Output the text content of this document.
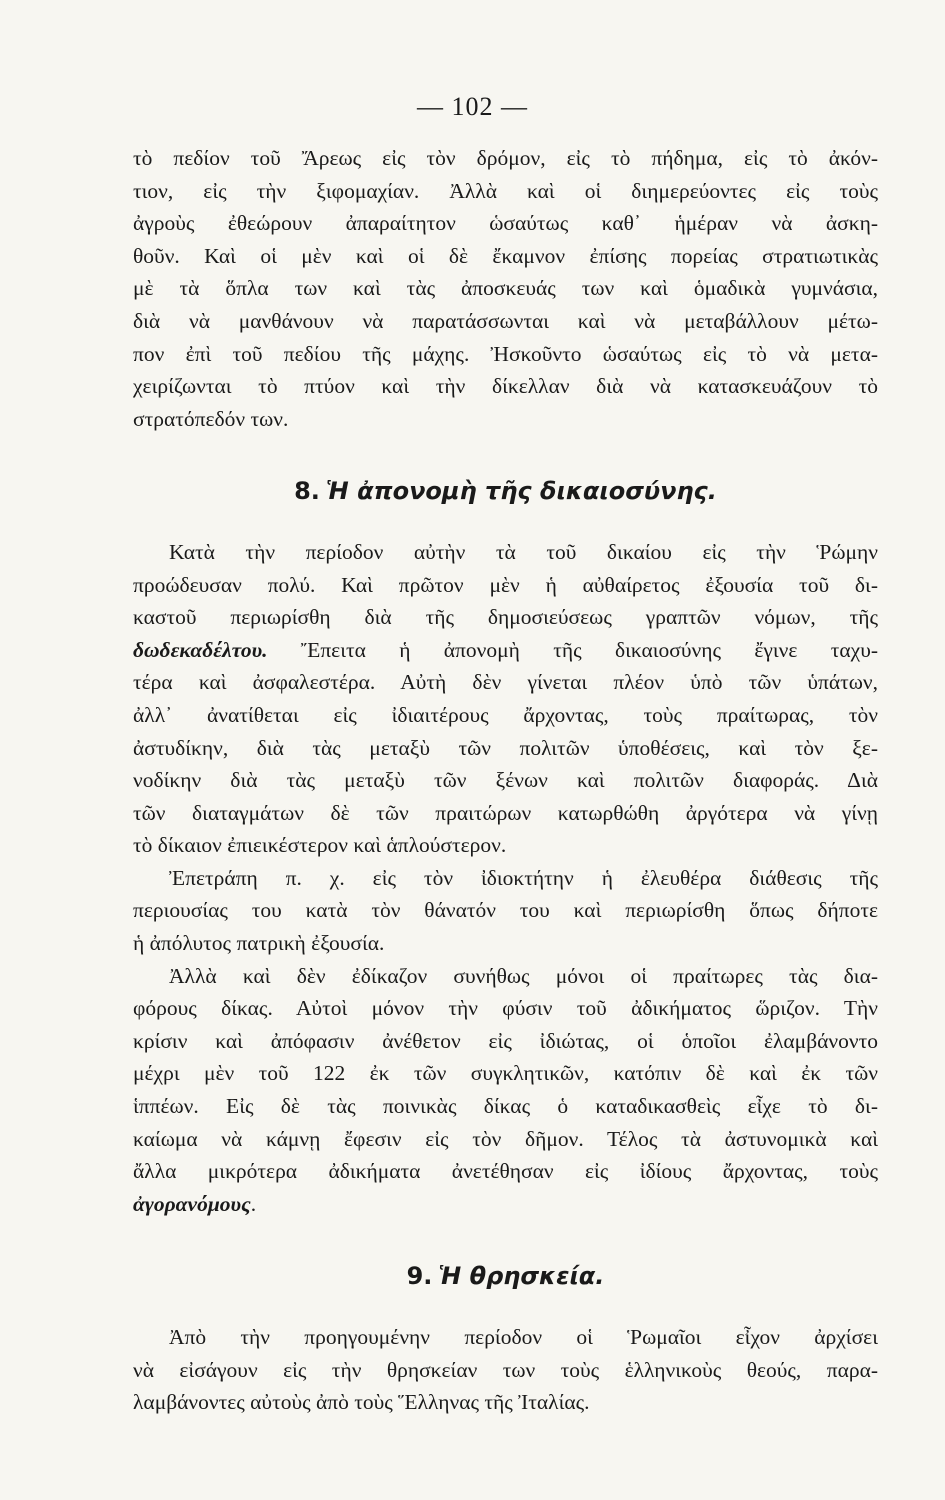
— 102 —
τὸ πεδίον τοῦ Ἄρεως εἰς τὸν δρόμον, εἰς τὸ πήδημα, εἰς τὸ ἀκόν-
τιον, εἰς τὴν ξιφομαχίαν. Ἀλλὰ καὶ οἱ διημερεύοντες εἰς τοὺς
ἀγροὺς ἐθεώρουν ἀπαραίτητον ὡσαύτως καθ᾽ ἡμέραν νὰ ἀσκη-
θοῦν. Καὶ οἱ μὲν καὶ οἱ δὲ ἔκαμνον ἐπίσης πορείας στρατιωτικὰς
μὲ τὰ ὅπλα των καὶ τὰς ἀποσκευάς των καὶ ὁμαδικὰ γυμνάσια,
διὰ νὰ μανθάνουν νὰ παρατάσσωνται καὶ νὰ μεταβάλλουν μέτω-
πον ἐπὶ τοῦ πεδίου τῆς μάχης. Ἠσκοῦντο ὡσαύτως εἰς τὸ νὰ μετα-
χειρίζωνται τὸ πτύον καὶ τὴν δίκελλαν διὰ νὰ κατασκευάζουν τὸ
στρατόπεδόν των.
8. Ἡ ἀπονομὴ τῆς δικαιοσύνης.
Κατὰ τὴν περίοδον αὐτὴν τὰ τοῦ δικαίου εἰς τὴν Ῥώμην
προώδευσαν πολύ. Καὶ πρῶτον μὲν ἡ αὐθαίρετος ἐξουσία τοῦ δι-
καστοῦ περιωρίσθη διὰ τῆς δημοσιεύσεως γραπτῶν νόμων, τῆς
δωδεκαδέλτου. Ἔπειτα ἡ ἀπονομὴ τῆς δικαιοσύνης ἔγινε ταχυ-
τέρα καὶ ἀσφαλεστέρα. Αὐτὴ δὲν γίνεται πλέον ὑπὸ τῶν ὑπάτων,
ἀλλ᾽ ἀνατίθεται εἰς ἰδιαιτέρους ἄρχοντας, τοὺς πραίτωρας, τὸν
ἀστυδίκην, διὰ τὰς μεταξὺ τῶν πολιτῶν ὑποθέσεις, καὶ τὸν ξε-
νοδίκην διὰ τὰς μεταξὺ τῶν ξένων καὶ πολιτῶν διαφοράς. Διὰ
τῶν διαταγμάτων δὲ τῶν πραιτώρων κατωρθώθη ἀργότερα νὰ γίνῃ
τὸ δίκαιον ἐπιεικέστερον καὶ ἁπλούστερον.
Ἐπετράπη π. χ. εἰς τὸν ἰδιοκτήτην ἡ ἐλευθέρα διάθεσις τῆς
περιουσίας του κατὰ τὸν θάνατόν του καὶ περιωρίσθη ὅπως δήποτε
ἡ ἀπόλυτος πατρικὴ ἐξουσία.
Ἀλλὰ καὶ δὲν ἐδίκαζον συνήθως μόνοι οἱ πραίτωρες τὰς δια-
φόρους δίκας. Αὐτοὶ μόνον τὴν φύσιν τοῦ ἀδικήματος ὥριζον. Τὴν
κρίσιν καὶ ἀπόφασιν ἀνέθετον εἰς ἰδιώτας, οἱ ὁποῖοι ἐλαμβάνοντο
μέχρι μὲν τοῦ 122 ἐκ τῶν συγκλητικῶν, κατόπιν δὲ καὶ ἐκ τῶν
ἱππέων. Εἰς δὲ τὰς ποινικὰς δίκας ὁ καταδικασθεὶς εἶχε τὸ δι-
καίωμα νὰ κάμνῃ ἔφεσιν εἰς τὸν δῆμον. Τέλος τὰ ἀστυνομικὰ καὶ
ἄλλα μικρότερα ἀδικήματα ἀνετέθησαν εἰς ἰδίους ἄρχοντας, τοὺς
ἀγορανόμους.
9. Ἡ θρησκεία.
Ἀπὸ τὴν προηγουμένην περίοδον οἱ Ῥωμαῖοι εἶχον ἀρχίσει
νὰ εἰσάγουν εἰς τὴν θρησκείαν των τοὺς ἑλληνικοὺς θεούς, παρα-
λαμβάνοντες αὐτοὺς ἀπὸ τοὺς Ἕλληνας τῆς Ἰταλίας.
